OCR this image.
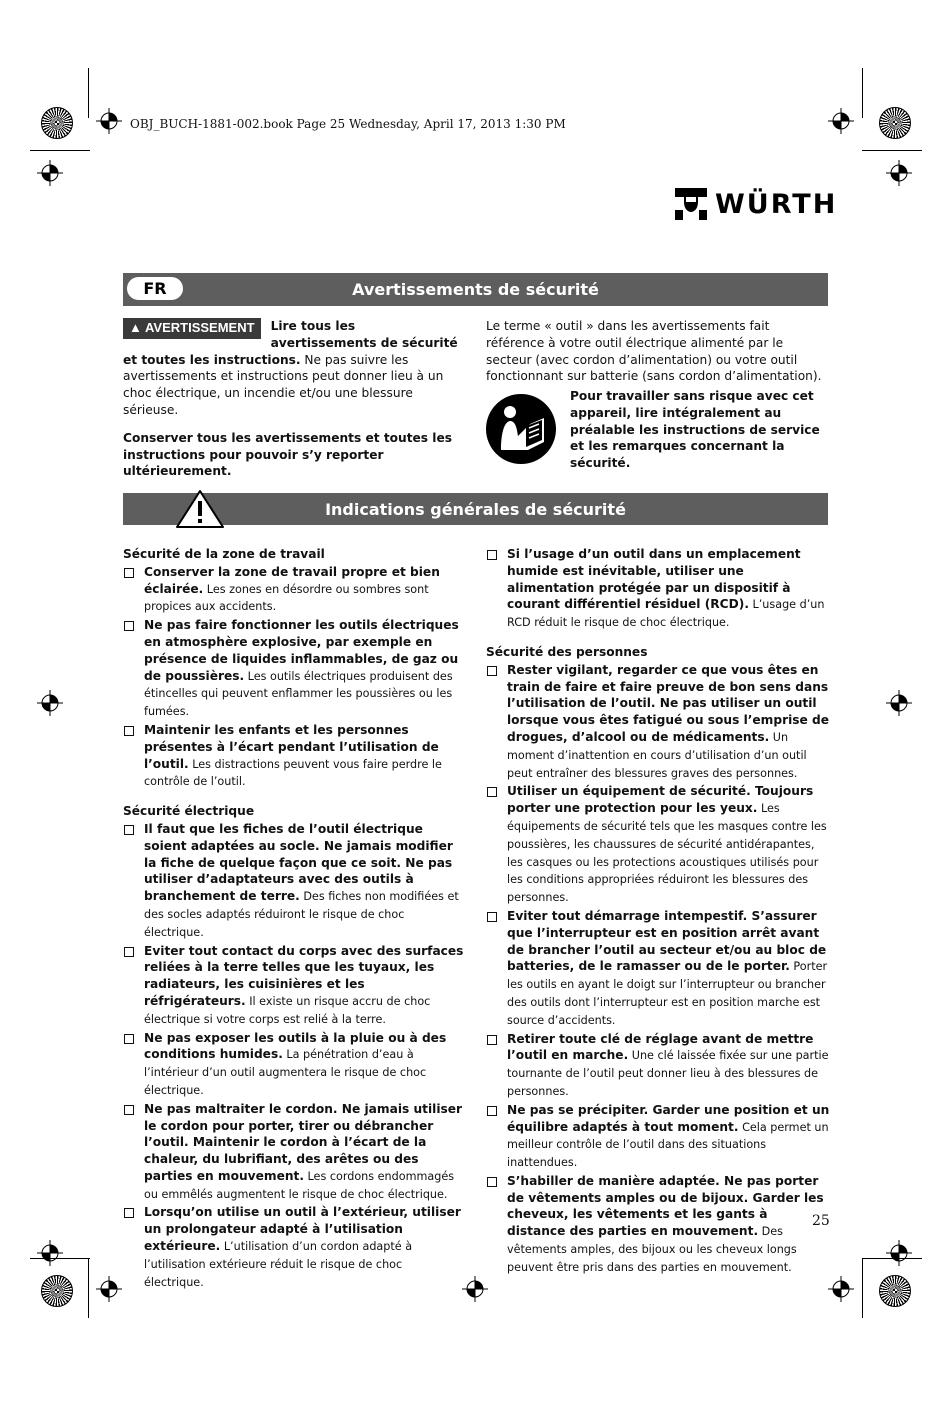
OBJ_BUCH-1881-002.book Page 25 Wednesday, April 17, 2013 1:30 PM
WÜRTH
FR	Avertissements de sécurité
▲ AVERTISSEMENT	Lire tous les avertissements de sécurité et toutes les instructions. Ne pas suivre les avertissements et instructions peut donner lieu à un choc électrique, un incendie et/ou une blessure sérieuse.
Conserver tous les avertissements et toutes les instructions pour pouvoir s’y reporter ultérieurement.
Le terme « outil » dans les avertissements fait référence à votre outil électrique alimenté par le secteur (avec cordon d’alimentation) ou votre outil fonctionnant sur batterie (sans cordon d’alimentation).
Pour travailler sans risque avec cet appareil, lire intégralement au préalable les instructions de service et les remarques concernant la sécurité.
Indications générales de sécurité
Sécurité de la zone de travail
Conserver la zone de travail propre et bien éclairée. Les zones en désordre ou sombres sont propices aux accidents.
Ne pas faire fonctionner les outils électriques en atmosphère explosive, par exemple en présence de liquides inflammables, de gaz ou de poussières. Les outils électriques produisent des étincelles qui peuvent enflammer les poussières ou les fumées.
Maintenir les enfants et les personnes présentes à l’écart pendant l’utilisation de l’outil. Les distractions peuvent vous faire perdre le contrôle de l’outil.
Sécurité électrique
Il faut que les fiches de l’outil électrique soient adaptées au socle. Ne jamais modifier la fiche de quelque façon que ce soit. Ne pas utiliser d’adaptateurs avec des outils à branchement de terre. Des fiches non modifiées et des socles adaptés réduiront le risque de choc électrique.
Eviter tout contact du corps avec des surfaces reliées à la terre telles que les tuyaux, les radiateurs, les cuisinières et les réfrigérateurs. Il existe un risque accru de choc électrique si votre corps est relié à la terre.
Ne pas exposer les outils à la pluie ou à des conditions humides. La pénétration d’eau à l’intérieur d’un outil augmentera le risque de choc électrique.
Ne pas maltraiter le cordon. Ne jamais utiliser le cordon pour porter, tirer ou débrancher l’outil. Maintenir le cordon à l’écart de la chaleur, du lubrifiant, des arêtes ou des parties en mouvement. Les cordons endommagés ou emmêlés augmentent le risque de choc électrique.
Lorsqu’on utilise un outil à l’extérieur, utiliser un prolongateur adapté à l’utilisation extérieure. L’utilisation d’un cordon adapté à l’utilisation extérieure réduit le risque de choc électrique.
Si l’usage d’un outil dans un emplacement humide est inévitable, utiliser une alimentation protégée par un dispositif à courant différentiel résiduel (RCD). L’usage d’un RCD réduit le risque de choc électrique.
Sécurité des personnes
Rester vigilant, regarder ce que vous êtes en train de faire et faire preuve de bon sens dans l’utilisation de l’outil. Ne pas utiliser un outil lorsque vous êtes fatigué ou sous l’emprise de drogues, d’alcool ou de médicaments. Un moment d’inattention en cours d’utilisation d’un outil peut entraîner des blessures graves des personnes.
Utiliser un équipement de sécurité. Toujours porter une protection pour les yeux. Les équipements de sécurité tels que les masques contre les poussières, les chaussures de sécurité antidérapantes, les casques ou les protections acoustiques utilisés pour les conditions appropriées réduiront les blessures des personnes.
Eviter tout démarrage intempestif. S’assurer que l’interrupteur est en position arrêt avant de brancher l’outil au secteur et/ou au bloc de batteries, de le ramasser ou de le porter. Porter les outils en ayant le doigt sur l’interrupteur ou brancher des outils dont l’interrupteur est en position marche est source d’accidents.
Retirer toute clé de réglage avant de mettre l’outil en marche. Une clé laissée fixée sur une partie tournante de l’outil peut donner lieu à des blessures de personnes.
Ne pas se précipiter. Garder une position et un équilibre adaptés à tout moment. Cela permet un meilleur contrôle de l’outil dans des situations inattendues.
S’habiller de manière adaptée. Ne pas porter de vêtements amples ou de bijoux. Garder les cheveux, les vêtements et les gants à distance des parties en mouvement. Des vêtements amples, des bijoux ou les cheveux longs peuvent être pris dans des parties en mouvement.
25
